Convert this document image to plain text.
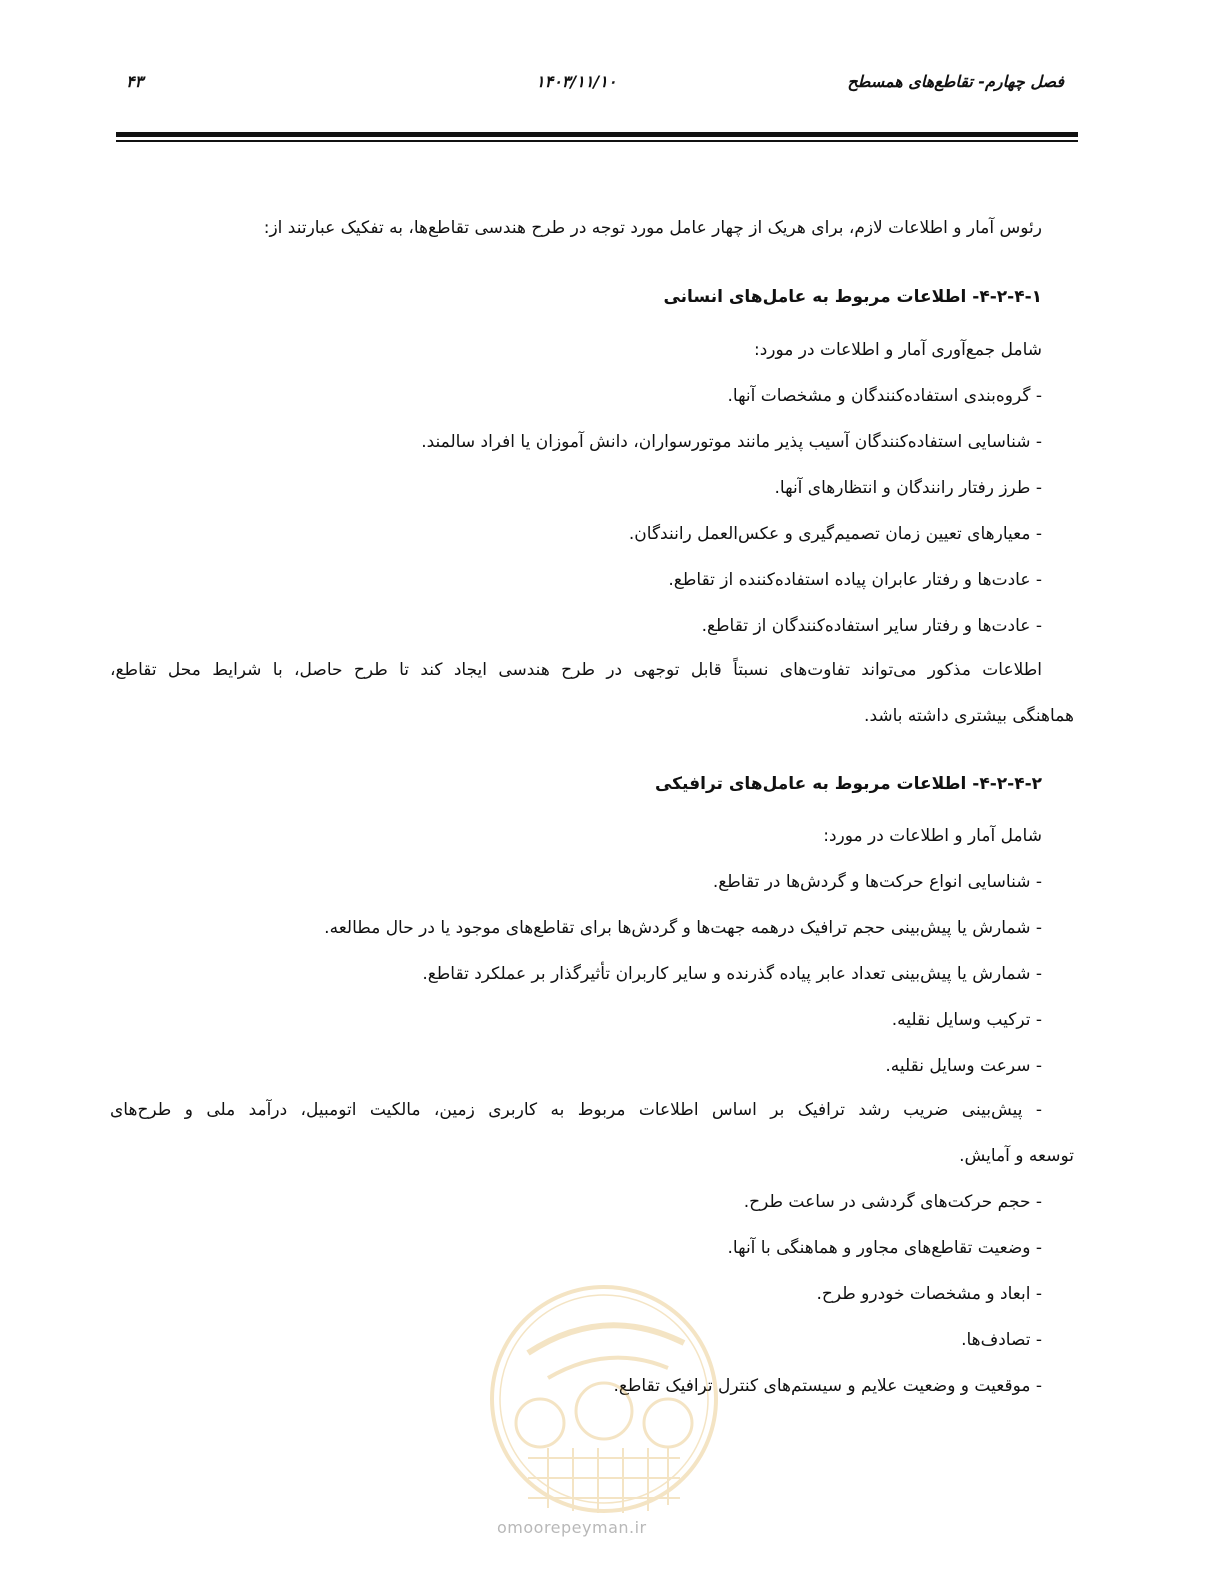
فصل چهارم- تقاطع‌های همسطح
۱۴۰۳/۱۱/۱۰
۴۳
رئوس آمار و اطلاعات لازم، برای هریک از چهار عامل مورد توجه در طرح هندسی تقاطع‌ها، به تفکیک عبارتند از:
۴-۲-۴-۱- اطلاعات مربوط به عامل‌های انسانی
شامل جمع‌آوری آمار و اطلاعات در مورد:
- گروه‌بندی استفاده‌کنندگان و مشخصات آنها.
- شناسایی استفاده‌کنندگان آسیب پذیر مانند موتورسواران، دانش آموزان یا افراد سالمند.
- طرز رفتار رانندگان و انتظارهای آنها.
- معیارهای تعیین زمان تصمیم‌گیری و عکس‌العمل رانندگان.
- عادت‌ها و رفتار عابران پیاده استفاده‌کننده از تقاطع.
- عادت‌ها و رفتار سایر استفاده‌کنندگان از تقاطع.
اطلاعات مذکور می‌تواند تفاوت‌های نسبتاً قابل توجهی در طرح هندسی ایجاد کند تا طرح حاصل، با شرایط محل تقاطع،
هماهنگی بیشتری داشته باشد.
۴-۲-۴-۲- اطلاعات مربوط به عامل‌های ترافیکی
شامل آمار و اطلاعات در مورد:
- شناسایی انواع حرکت‌ها و گردش‌ها در تقاطع.
- شمارش یا پیش‌بینی حجم ترافیک درهمه جهت‌ها و گردش‌ها برای تقاطع‌های موجود یا در حال مطالعه.
- شمارش یا پیش‌بینی تعداد عابر پیاده گذرنده و سایر کاربران تأثیرگذار بر عملکرد تقاطع.
- ترکیب وسایل نقلیه.
- سرعت وسایل نقلیه.
- پیش‌بینی ضریب رشد ترافیک بر اساس اطلاعات مربوط به کاربری زمین، مالکیت اتومبیل، درآمد ملی و طرح‌های
توسعه و آمایش.
- حجم حرکت‌های گردشی در ساعت طرح.
- وضعیت تقاطع‌های مجاور و هماهنگی با آنها.
- ابعاد و مشخصات خودرو طرح.
- تصادف‌ها.
- موقعیت و وضعیت علایم و سیستم‌های کنترل ترافیک تقاطع.
omoorepeyman.ir
